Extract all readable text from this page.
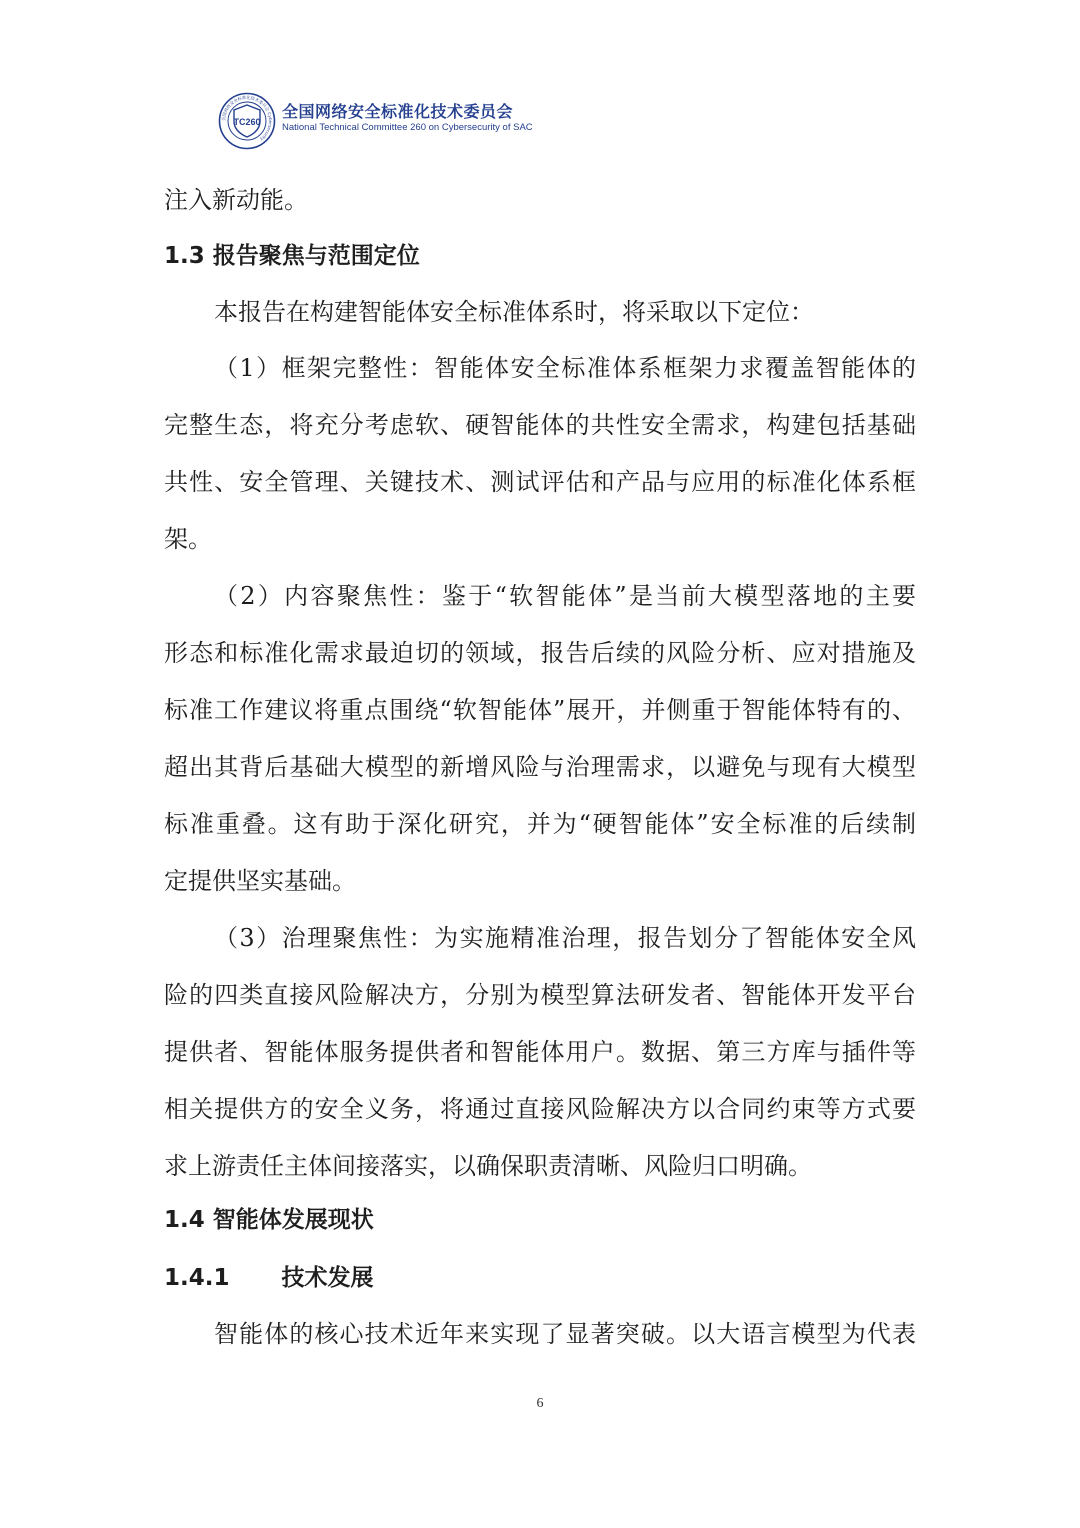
TC260
全国网络安全标准化技术委员会 Cybersecurity
全国网络安全标准化技术委员会
National Technical Committee 260 on Cybersecurity of SAC
注入新动能。
1.3 报告聚焦与范围定位
本报告在构建智能体安全标准体系时，将采取以下定位：
（1）框架完整性：智能体安全标准体系框架力求覆盖智能体的
完整生态，将充分考虑软、硬智能体的共性安全需求，构建包括基础
共性、安全管理、关键技术、测试评估和产品与应用的标准化体系框
架。
（2）内容聚焦性：鉴于“软智能体”是当前大模型落地的主要
形态和标准化需求最迫切的领域，报告后续的风险分析、应对措施及
标准工作建议将重点围绕“软智能体”展开，并侧重于智能体特有的、
超出其背后基础大模型的新增风险与治理需求，以避免与现有大模型
标准重叠。这有助于深化研究，并为“硬智能体”安全标准的后续制
定提供坚实基础。
（3）治理聚焦性：为实施精准治理，报告划分了智能体安全风
险的四类直接风险解决方，分别为模型算法研发者、智能体开发平台
提供者、智能体服务提供者和智能体用户。数据、第三方库与插件等
相关提供方的安全义务，将通过直接风险解决方以合同约束等方式要
求上游责任主体间接落实，以确保职责清晰、风险归口明确。
1.4 智能体发展现状
1.4.1 技术发展
智能体的核心技术近年来实现了显著突破。以大语言模型为代表
6
